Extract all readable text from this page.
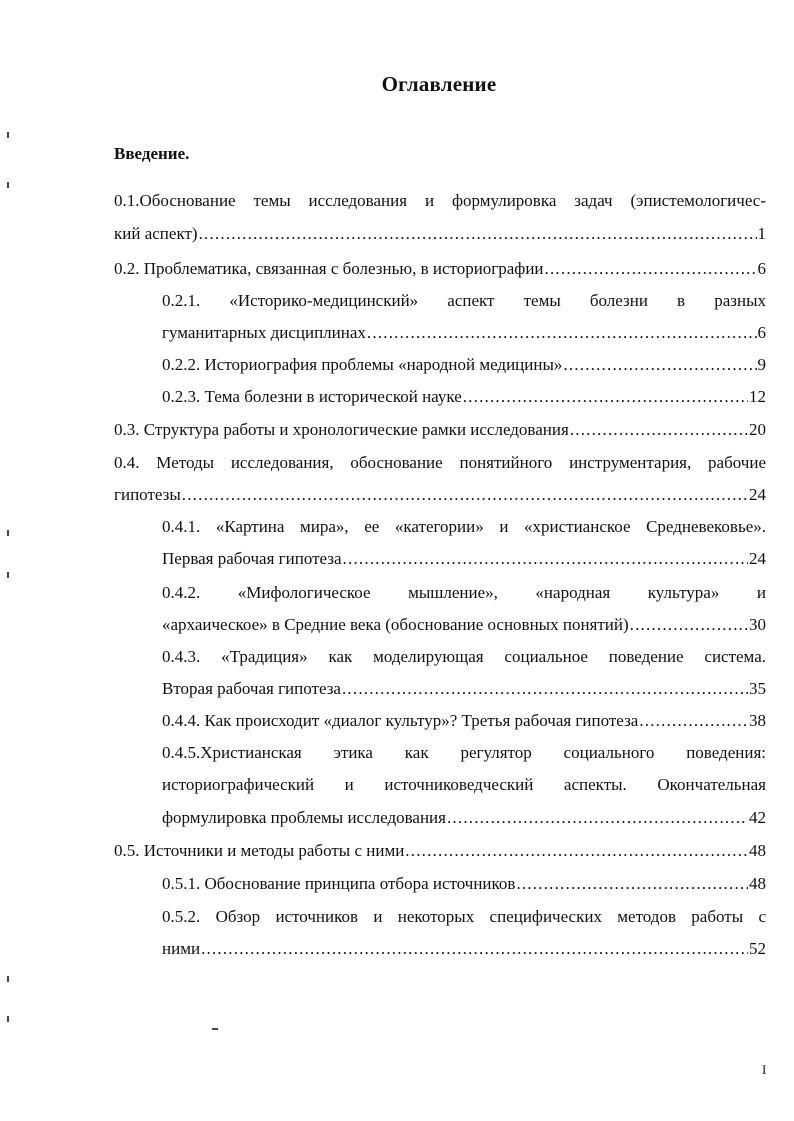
Оглавление
Введение.
0.1.Обоснование темы исследования и формулировка задач (эпистемологичес-
кий аспект) .....	1
0.2. Проблематика, связанная с болезнью, в историографии .....	6
0.2.1. «Историко-медицинский» аспект темы болезни в разных
гуманитарных дисциплинах .....	6
0.2.2. Историография проблемы «народной медицины» .....	9
0.2.3. Тема болезни в исторической науке .....	12
0.3. Структура работы и хронологические рамки исследования .....	20
0.4. Методы исследования, обоснование понятийного инструментария, рабочие
гипотезы .....	24
0.4.1. «Картина мира», ее «категории» и «христианское Средневековье».
Первая рабочая гипотеза .....	24
0.4.2. «Мифологическое мышление», «народная культура» и
«архаическое» в Средние века (обоснование основных понятий) .....	30
0.4.3. «Традиция» как моделирующая социальное поведение система.
Вторая рабочая гипотеза .....	35
0.4.4. Как происходит «диалог культур»? Третья рабочая гипотеза .....	38
0.4.5.Христианская этика как регулятор социального поведения:
историографический и источниковедческий аспекты. Окончательная
формулировка проблемы исследования .....	42
0.5. Источники и методы работы с ними .....	48
0.5.1. Обоснование принципа отбора источников .....	48
0.5.2. Обзор источников и некоторых специфических методов работы с
ними .....	52
I
